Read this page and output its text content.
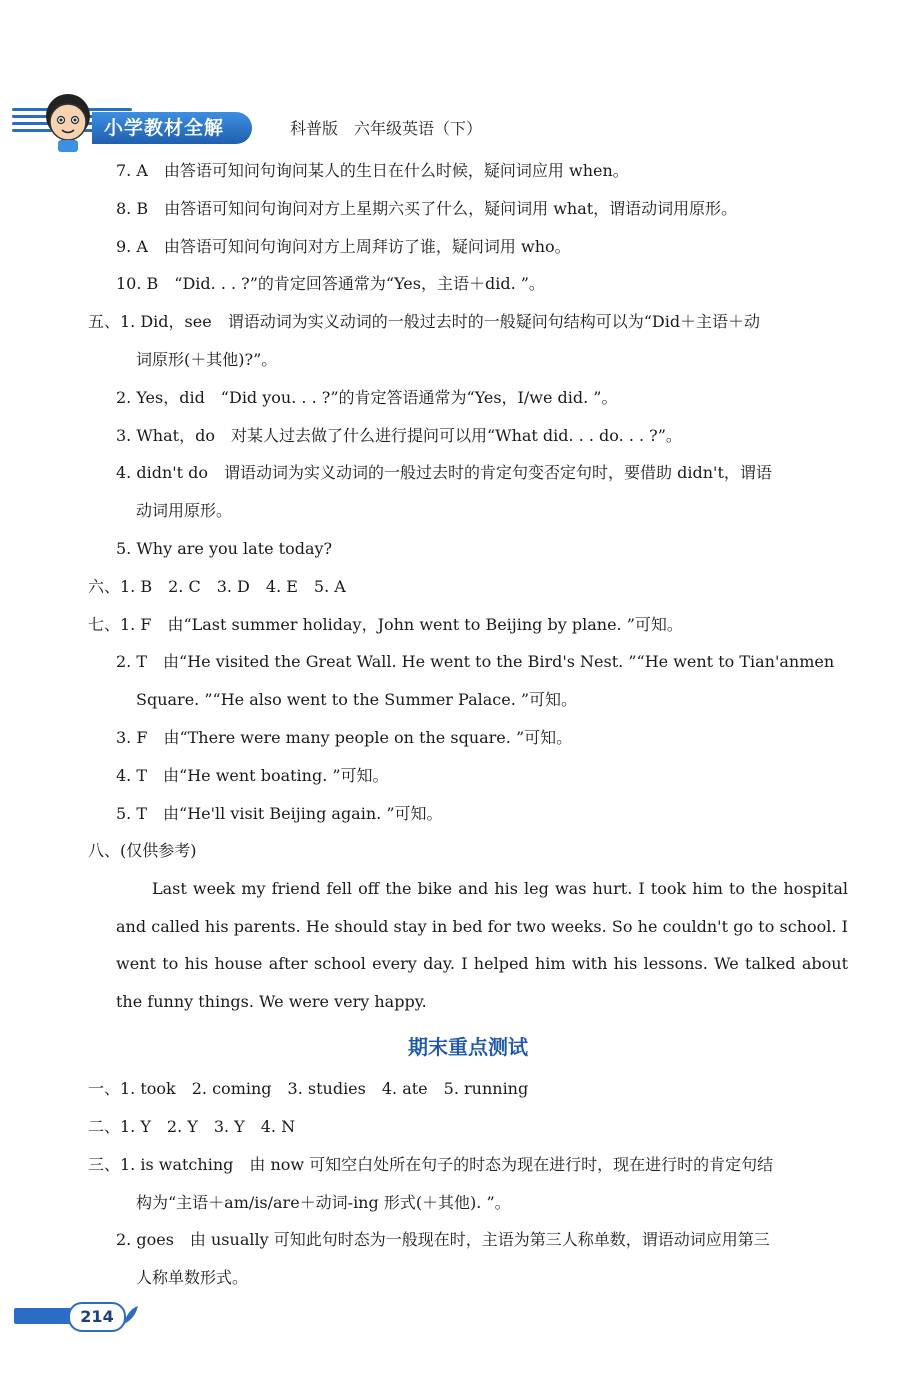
小学教材全解	科普版　六年级英语（下）
7. A　由答语可知问句询问某人的生日在什么时候，疑问词应用 when。
8. B　由答语可知问句询问对方上星期六买了什么，疑问词用 what，谓语动词用原形。
9. A　由答语可知问句询问对方上周拜访了谁，疑问词用 who。
10. B　“Did. . . ?”的肯定回答通常为“Yes，主语＋did. ”。
五、1. Did，see　谓语动词为实义动词的一般过去时的一般疑问句结构可以为“Did＋主语＋动
词原形(＋其他)?”。
2. Yes，did　“Did you. . . ?”的肯定答语通常为“Yes，I/we did. ”。
3. What，do　对某人过去做了什么进行提问可以用“What did. . . do. . . ?”。
4. didn't do　谓语动词为实义动词的一般过去时的肯定句变否定句时，要借助 didn't，谓语
动词用原形。
5. Why are you late today?
六、1. B　2. C　3. D　4. E　5. A
七、1. F　由“Last summer holiday，John went to Beijing by plane. ”可知。
2. T　由“He visited the Great Wall. He went to the Bird's Nest. ”“He went to Tian'anmen
Square. ”“He also went to the Summer Palace. ”可知。
3. F　由“There were many people on the square. ”可知。
4. T　由“He went boating. ”可知。
5. T　由“He'll visit Beijing again. ”可知。
八、(仅供参考)
Last week my friend fell off the bike and his leg was hurt. I took him to the hospital and called his parents. He should stay in bed for two weeks. So he couldn't go to school. I went to his house after school every day. I helped him with his lessons. We talked about the funny things. We were very happy.
期末重点测试
一、1. took　2. coming　3. studies　4. ate　5. running
二、1. Y　2. Y　3. Y　4. N
三、1. is watching　由 now 可知空白处所在句子的时态为现在进行时，现在进行时的肯定句结
构为“主语＋am/is/are＋动词-ing 形式(＋其他). ”。
2. goes　由 usually 可知此句时态为一般现在时，主语为第三人称单数，谓语动词应用第三
人称单数形式。
214
